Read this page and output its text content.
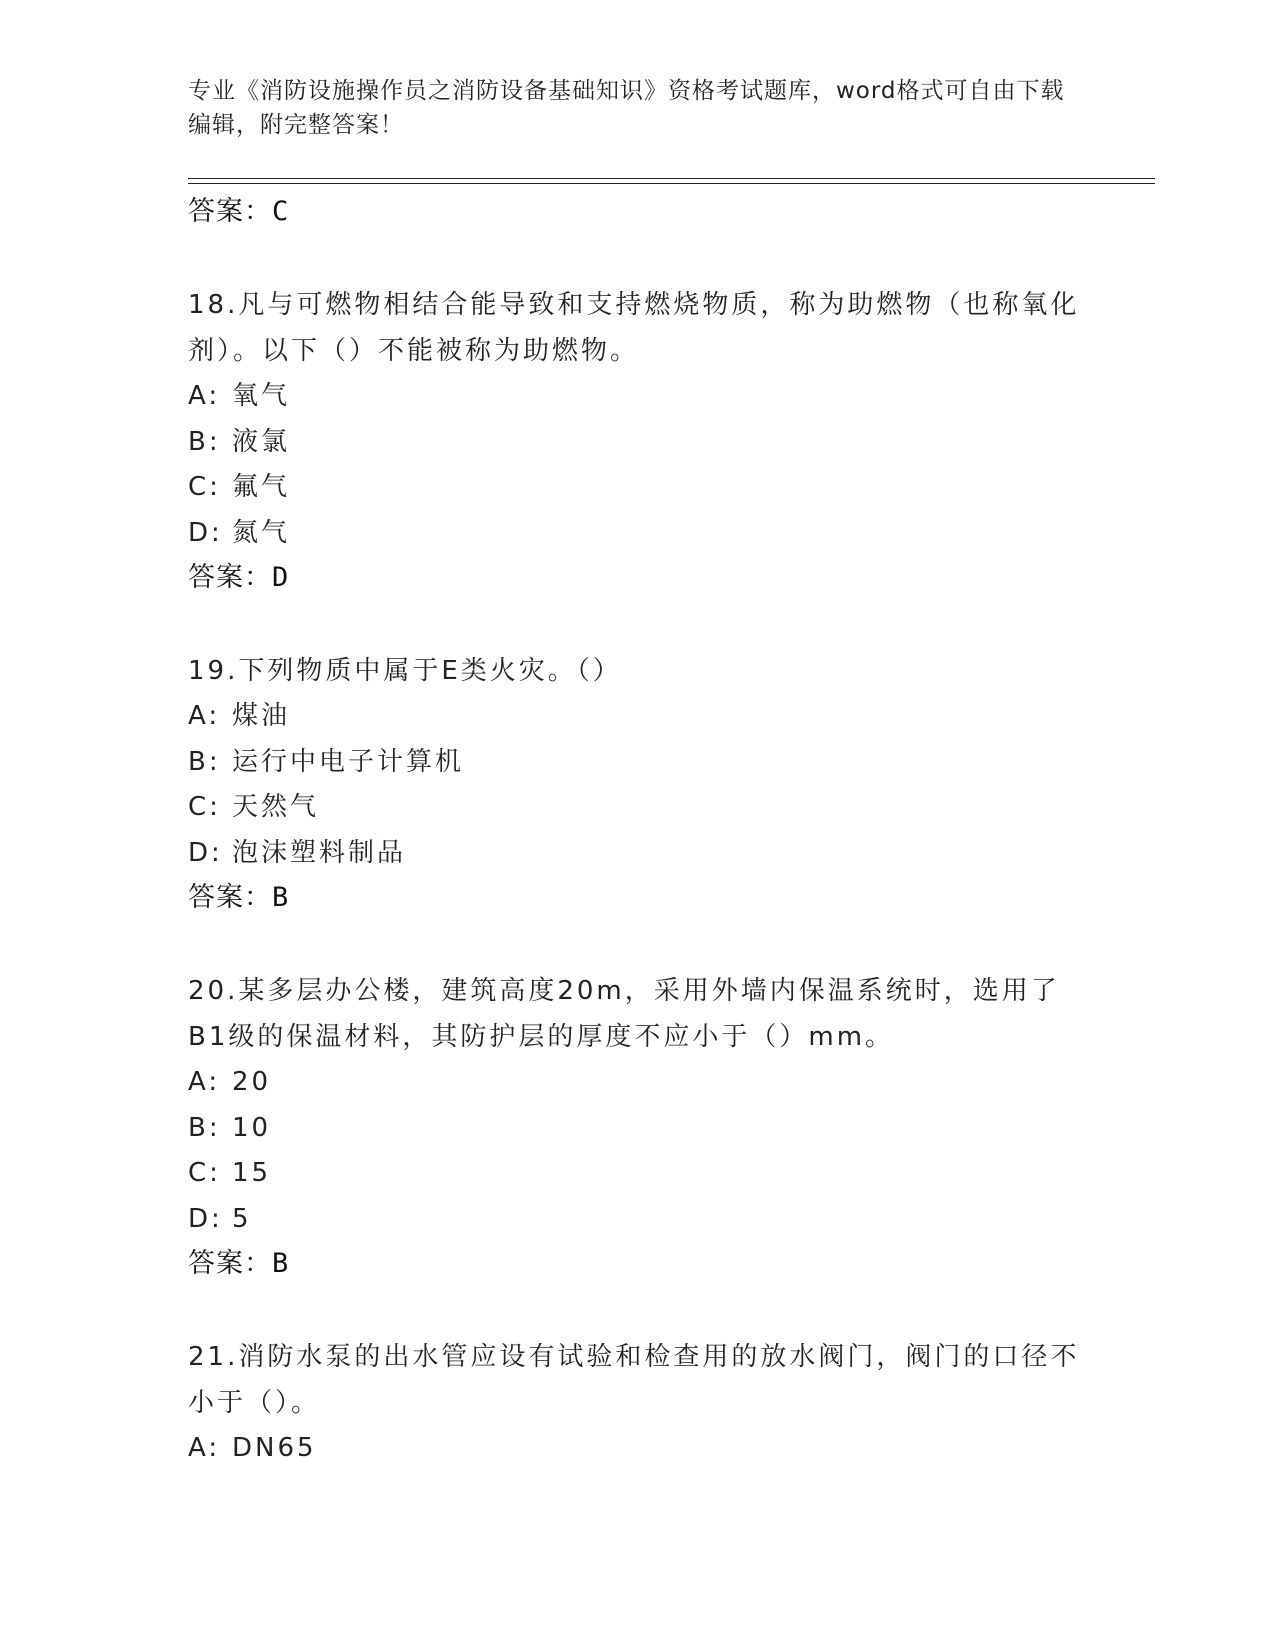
专业《消防设施操作员之消防设备基础知识》资格考试题库，word格式可自由下载编辑，附完整答案！
答案：C
18.凡与可燃物相结合能导致和支持燃烧物质，称为助燃物（也称氧化剂）。以下（）不能被称为助燃物。
A: 氧气
B: 液氯
C: 氟气
D: 氮气
答案：D
19.下列物质中属于E类火灾。（）
A: 煤油
B: 运行中电子计算机
C: 天然气
D: 泡沫塑料制品
答案：B
20.某多层办公楼，建筑高度20m，采用外墙内保温系统时，选用了B1级的保温材料，其防护层的厚度不应小于（）mm。
A: 20
B: 10
C: 15
D: 5
答案：B
21.消防水泵的出水管应设有试验和检查用的放水阀门，阀门的口径不小于（）。
A: DN65
